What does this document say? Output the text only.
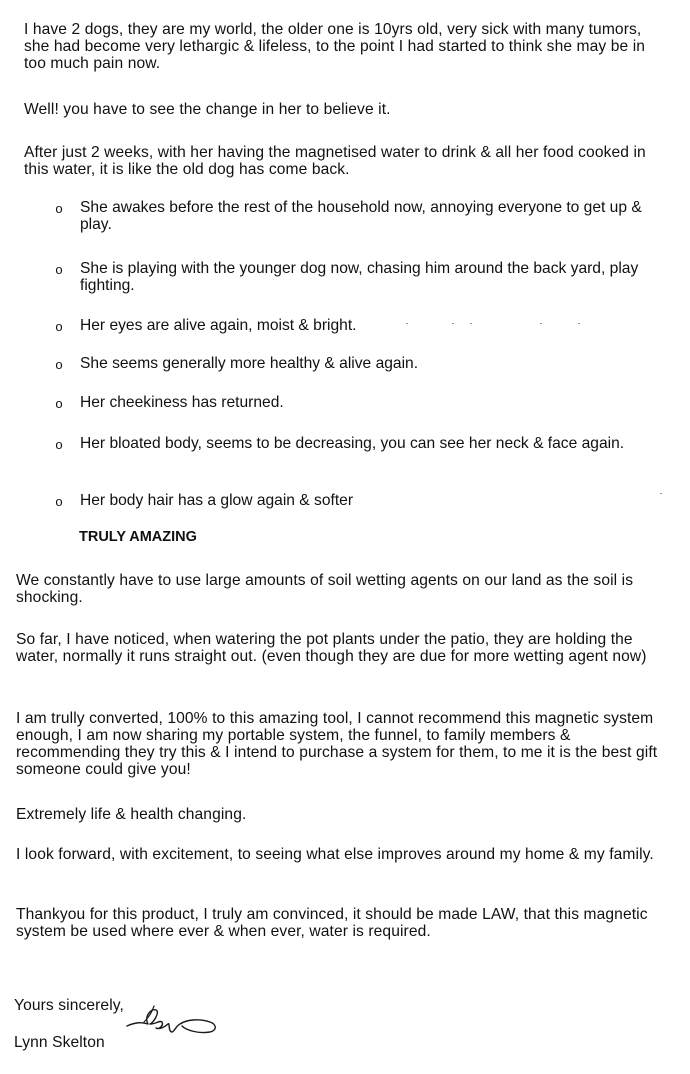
I have 2 dogs, they are my world, the older one is 10yrs old, very sick with many tumors, she had become very lethargic & lifeless, to the point I had started to think she may be in too much pain now.

Well! you have to see the change in her to believe it.

After just 2 weeks, with her having the magnetised water to drink & all her food cooked in this water, it is like the old dog has come back.

o She awakes before the rest of the household now, annoying everyone to get up & play.
o She is playing with the younger dog now, chasing him around the back yard, play fighting.
o Her eyes are alive again, moist & bright.
o She seems generally more healthy & alive again.
o Her cheekiness has returned.
o Her bloated body, seems to be decreasing, you can see her neck & face again.
o Her body hair has a glow again & softer

TRULY AMAZING

We constantly have to use large amounts of soil wetting agents on our land as the soil is shocking.

So far, I have noticed, when watering the pot plants under the patio, they are holding the water, normally it runs straight out. (even though they are due for more wetting agent now)

I am trully converted, 100% to this amazing tool, I cannot recommend this magnetic system enough, I am now sharing my portable system, the funnel, to family members & recommending they try this & I intend to purchase a system for them, to me it is the best gift someone could give you!

Extremely life & health changing.

I look forward, with excitement, to seeing what else improves around my home & my family.

Thankyou for this product, I truly am convinced, it should be made LAW, that this magnetic system be used where ever & when ever, water is required.

Yours sincerely,

Lynn Skelton
